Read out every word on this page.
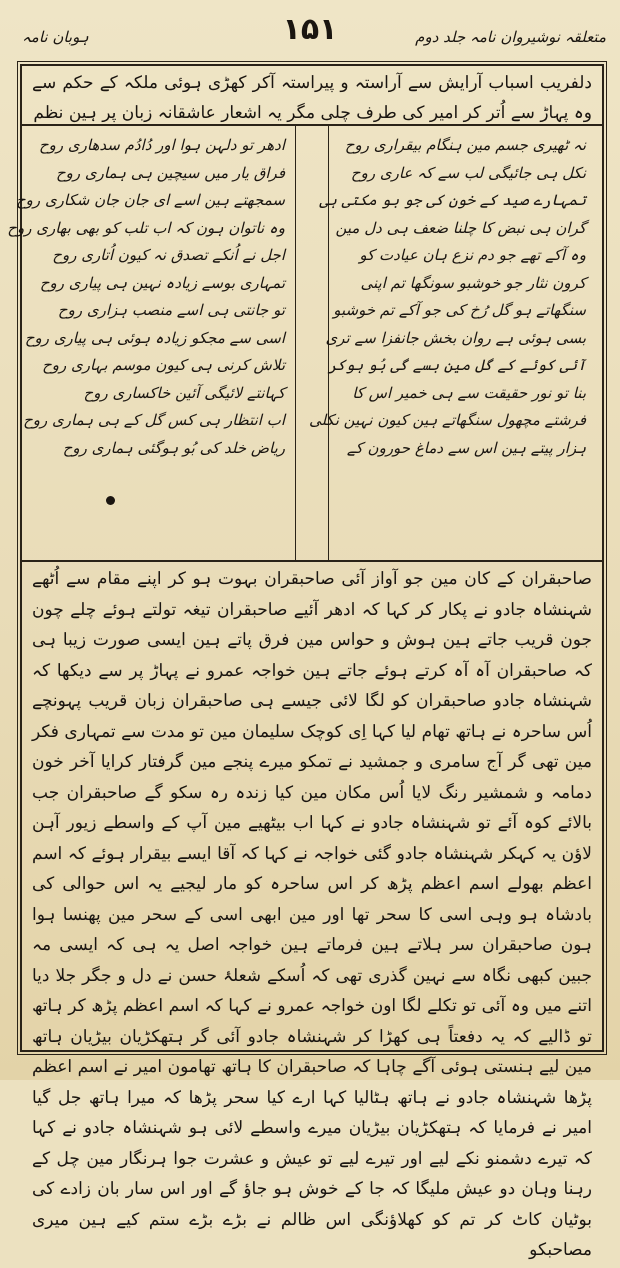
متعلقہ نوشیروان نامہ جلد دوم
۱۵۱
ہوبان نامہ
دلفریب اسباب آرایش سے آراستہ و پیراستہ آکر کھڑی ہوئی ملکہ کے حکم سے وہ پہاڑ سے اُتر کر امیر کی طرف چلی مگر یہ اشعار عاشقانہ زبان پر ہین نظم
نہ ٹھیری جسم مین ہنگام بیقراری روح
نکل ہی جائیگی لب سے کہ عاری روح
تمہارے صید کے خون کی جو بو مکتی ہی
گران ہی نبض کا چلنا ضعف ہی دل مین
وہ آکے تھے جو دم نزع ہان عیادت کو
کرون نثار جو خوشبو سونگھا تم اپنی
سنگھاتے ہو گل رُخ کی جو آکے تم خوشبو
بسی ہوئی ہے روان بخش جانفزا سے تری
آئی کوئے کے گل مین بسے گی بُو ہوکر
بنا تو نور حقیقت سے ہی خمیر اس کا
فرشتے مچھول سنگھاتے ہین کیون نہین نکلی
ہزار پیتے ہین اس سے دماغ حورون کے
ادھر تو دلہن ہوا اور دُادُم سدھاری روح
فراق یار میں سیچین ہی ہماری روح
سمجھتے ہین اسے ای جان جان شکاری روح
وہ ناتوان ہون کہ اب تلب کو بھی بھاری روح
اجل نے اُنکے تصدق نہ کیون اُتاری روح
تمہاری بوسے زیادہ نہین ہی پیاری روح
تو جانتی ہی اسے منصب ہزاری روح
اسی سے مجکو زیادہ ہوئی ہی پیاری روح
تلاش کرنی ہی کیون موسم بہاری روح
کہانتے لائیگی آئین خاکساری روح
اب انتظار ہی کس گل کے ہی ہماری روح
ریاض خلد کی بُو ہوگئی ہماری روح
صاحبقران کے کان مین جو آواز آئی صاحبقران بہوت ہو کر اپنے مقام سے اُٹھے شہنشاہ جادو نے پکار کر کہا کہ ادھر آئیے صاحبقران تیغہ تولتے ہوئے چلے چون جون قریب جاتے ہین ہوش و حواس مین فرق پاتے ہین ایسی صورت زیبا ہی کہ صاحبقران آہ آہ کرتے ہوئے جاتے ہین خواجہ عمرو نے پہاڑ پر سے دیکھا کہ شہنشاہ جادو صاحبقران کو لگا لائی جیسے ہی صاحبقران زبان قریب پہونچے اُس ساحرہ نے ہاتھ تھام لیا کہا اِی کوچک سلیمان مین تو مدت سے تمہاری فکر مین تھی گر آج سامری و جمشید نے تمکو میرے پنجے مین گرفتار کرایا آخر خون دمامہ و شمشیر رنگ لایا اُس مکان مین کیا زندہ رہ سکو گے صاحبقران جب بالائے کوہ آئے تو شہنشاہ جادو نے کہا اب بیٹھیے مین آپ کے واسطے زیور آہن لاؤن یہ کہکر شہنشاہ جادو گئی خواجہ نے کہا کہ آقا ایسے بیقرار ہوئے کہ اسم اعظم بھولے اسم اعظم پڑھ کر اس ساحرہ کو مار لیجیے یہ اس حوالی کی بادشاہ ہو وہی اسی کا سحر تھا اور مین ابھی اسی کے سحر مین پھنسا ہوا ہون صاحبقران سر ہلاتے ہین فرماتے ہین خواجہ اصل یہ ہی کہ ایسی مہ جبین کبھی نگاہ سے نہین گذری تھی کہ اُسکے شعلۂ حسن نے دل و جگر جلا دیا اتنے میں وہ آئی تو تکلے لگا اون خواجہ عمرو نے کہا کہ اسم اعظم پڑھ کر ہاتھ تو ڈالیے کہ یہ دفعتاً ہی کھڑا کر شہنشاہ جادو آئی گر ہتھکڑیان بیڑیان ہاتھ مین لیے ہنستی ہوئی آگے چاہا کہ صاحبقران کا ہاتھ تھامون امیر نے اسم اعظم پڑھا شہنشاہ جادو نے ہاتھ ہٹالیا کہا ارے کیا سحر پڑھا کہ میرا ہاتھ جل گیا امیر نے فرمایا کہ ہتھکڑیان بیڑیان میرے واسطے لائی ہو شہنشاہ جادو نے کہا کہ تیرے دشمنو نکے لیے اور تیرے لیے تو عیش و عشرت جوا ہرنگار مین چل کے رہنا وہان دو عیش ملیگا کہ جا کے خوش ہو جاؤ گے اور اس سار بان زادے کی بوٹیان کاٹ کر تم کو کھلاؤنگی اس ظالم نے بڑے بڑے ستم کیے ہین میری مصاحبکو
